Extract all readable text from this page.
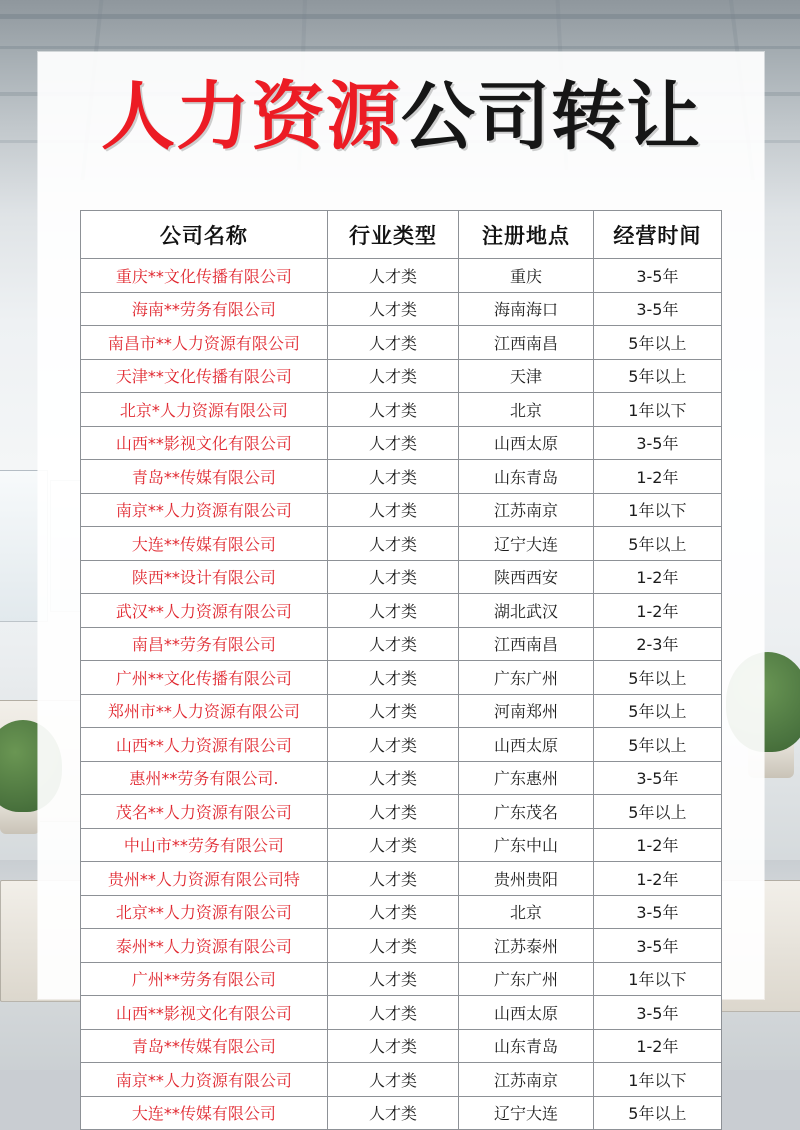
人力资源公司转让
公司名称	行业类型	注册地点	经营时间
重庆**文化传播有限公司	人才类	重庆	3-5年
海南**劳务有限公司	人才类	海南海口	3-5年
南昌市**人力资源有限公司	人才类	江西南昌	5年以上
天津**文化传播有限公司	人才类	天津	5年以上
北京*人力资源有限公司	人才类	北京	1年以下
山西**影视文化有限公司	人才类	山西太原	3-5年
青岛**传媒有限公司	人才类	山东青岛	1-2年
南京**人力资源有限公司	人才类	江苏南京	1年以下
大连**传媒有限公司	人才类	辽宁大连	5年以上
陕西**设计有限公司	人才类	陕西西安	1-2年
武汉**人力资源有限公司	人才类	湖北武汉	1-2年
南昌**劳务有限公司	人才类	江西南昌	2-3年
广州**文化传播有限公司	人才类	广东广州	5年以上
郑州市**人力资源有限公司	人才类	河南郑州	5年以上
山西**人力资源有限公司	人才类	山西太原	5年以上
惠州**劳务有限公司.	人才类	广东惠州	3-5年
茂名**人力资源有限公司	人才类	广东茂名	5年以上
中山市**劳务有限公司	人才类	广东中山	1-2年
贵州**人力资源有限公司特	人才类	贵州贵阳	1-2年
北京**人力资源有限公司	人才类	北京	3-5年
泰州**人力资源有限公司	人才类	江苏泰州	3-5年
广州**劳务有限公司	人才类	广东广州	1年以下
山西**影视文化有限公司	人才类	山西太原	3-5年
青岛**传媒有限公司	人才类	山东青岛	1-2年
南京**人力资源有限公司	人才类	江苏南京	1年以下
大连**传媒有限公司	人才类	辽宁大连	5年以上
